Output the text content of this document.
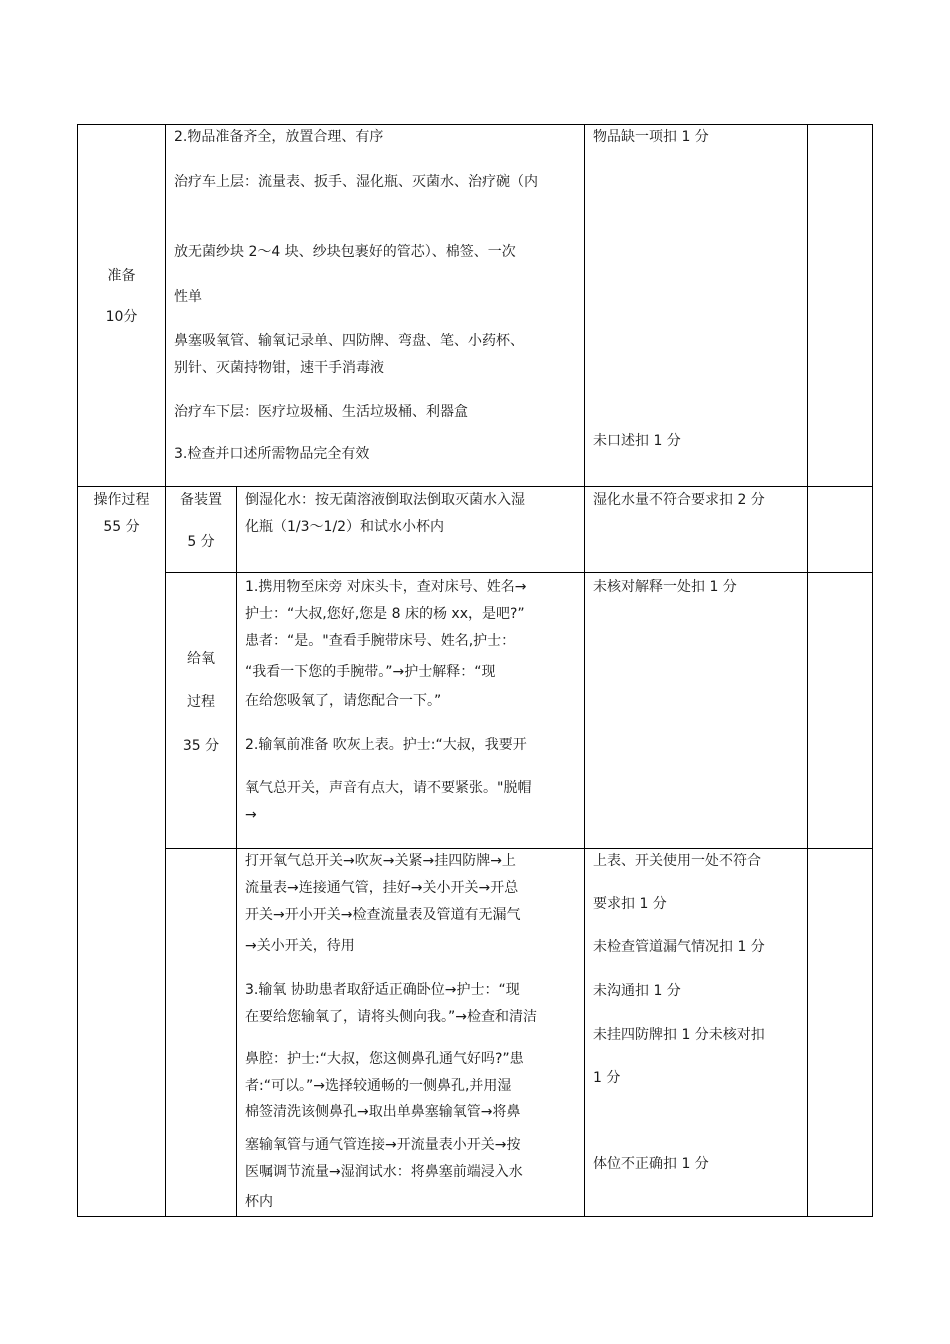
准备
10分
2.物品准备齐全，放置合理、有序
治疗车上层：流量表、扳手、湿化瓶、灭菌水、治疗碗（内
放无菌纱块 2～4 块、纱块包裹好的管芯）、棉签、一次
性单
鼻塞吸氧管、输氧记录单、四防牌、弯盘、笔、小药杯、
别针、灭菌持物钳，速干手消毒液
治疗车下层：医疗垃圾桶、生活垃圾桶、利器盒
3.检查并口述所需物品完全有效
物品缺一项扣 1 分
未口述扣 1 分
操作过程
55 分
备装置
5 分
倒湿化水：按无菌溶液倒取法倒取灭菌水入湿
化瓶（1/3～1/2）和试水小杯内
湿化水量不符合要求扣 2 分
给氧
过程
35 分
1.携用物至床旁 对床头卡，查对床号、姓名→
护士：“大叔,您好,您是 8 床的杨 xx，是吧?”
患者：“是。"查看手腕带床号、姓名,护士：
“我看一下您的手腕带。”→护士解释：“现
在给您吸氧了，请您配合一下。”
2.输氧前准备 吹灰上表。护士:“大叔，我要开
氧气总开关，声音有点大，请不要紧张。"脱帽
→
未核对解释一处扣 1 分
打开氧气总开关→吹灰→关紧→挂四防牌→上
流量表→连接通气管，挂好→关小开关→开总
开关→开小开关→检查流量表及管道有无漏气
→关小开关，待用
3.输氧 协助患者取舒适正确卧位→护士：“现
在要给您输氧了，请将头侧向我。”→检查和清洁
鼻腔：护士:“大叔，您这侧鼻孔通气好吗?”患
者:“可以。”→选择较通畅的一侧鼻孔,并用湿
棉签清洗该侧鼻孔→取出单鼻塞输氧管→将鼻
塞输氧管与通气管连接→开流量表小开关→按
医嘱调节流量→湿润试水：将鼻塞前端浸入水
杯内
上表、开关使用一处不符合
要求扣 1 分
未检查管道漏气情况扣 1 分
未沟通扣 1 分
未挂四防牌扣 1 分未核对扣
1 分
体位不正确扣 1 分
